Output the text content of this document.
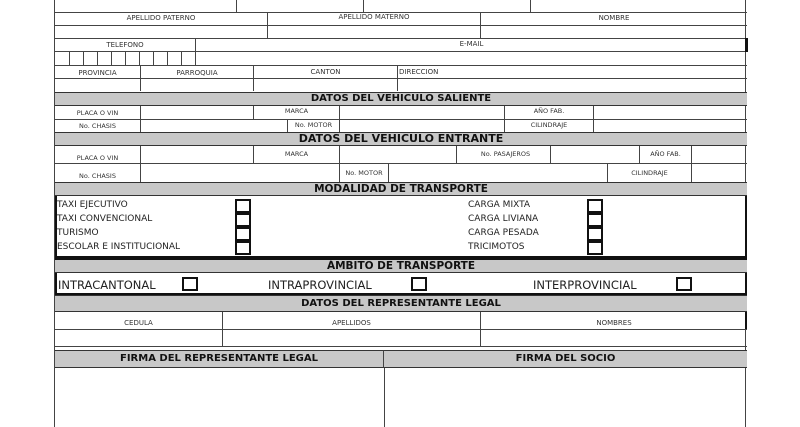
APELLIDO PATERNO	APELLIDO MATERNO	NOMBRE
TELEFONO	E-MAIL
PROVINCIA	PARROQUIA	CANTON	DIRECCION
DATOS DEL VEHICULO SALIENTE
PLACA O VIN	MARCA	AÑO FAB.
No. CHASIS	No. MOTOR	CILINDRAJE
DATOS DEL VEHICULO ENTRANTE
PLACA O VIN	MARCA	No. PASAJEROS	AÑO FAB.
No. CHASIS	No. MOTOR	CILINDRAJE
MODALIDAD DE TRANSPORTE
TAXI EJECUTIVO
TAXI CONVENCIONAL
TURISMO
ESCOLAR E INSTITUCIONAL
CARGA MIXTA
CARGA LIVIANA
CARGA PESADA
TRICIMOTOS
ÁMBITO DE TRANSPORTE
INTRACANTONAL	INTRAPROVINCIAL	INTERPROVINCIAL
DATOS DEL REPRESENTANTE LEGAL
CEDULA	APELLIDOS	NOMBRES
FIRMA DEL REPRESENTANTE LEGAL	FIRMA DEL SOCIO
